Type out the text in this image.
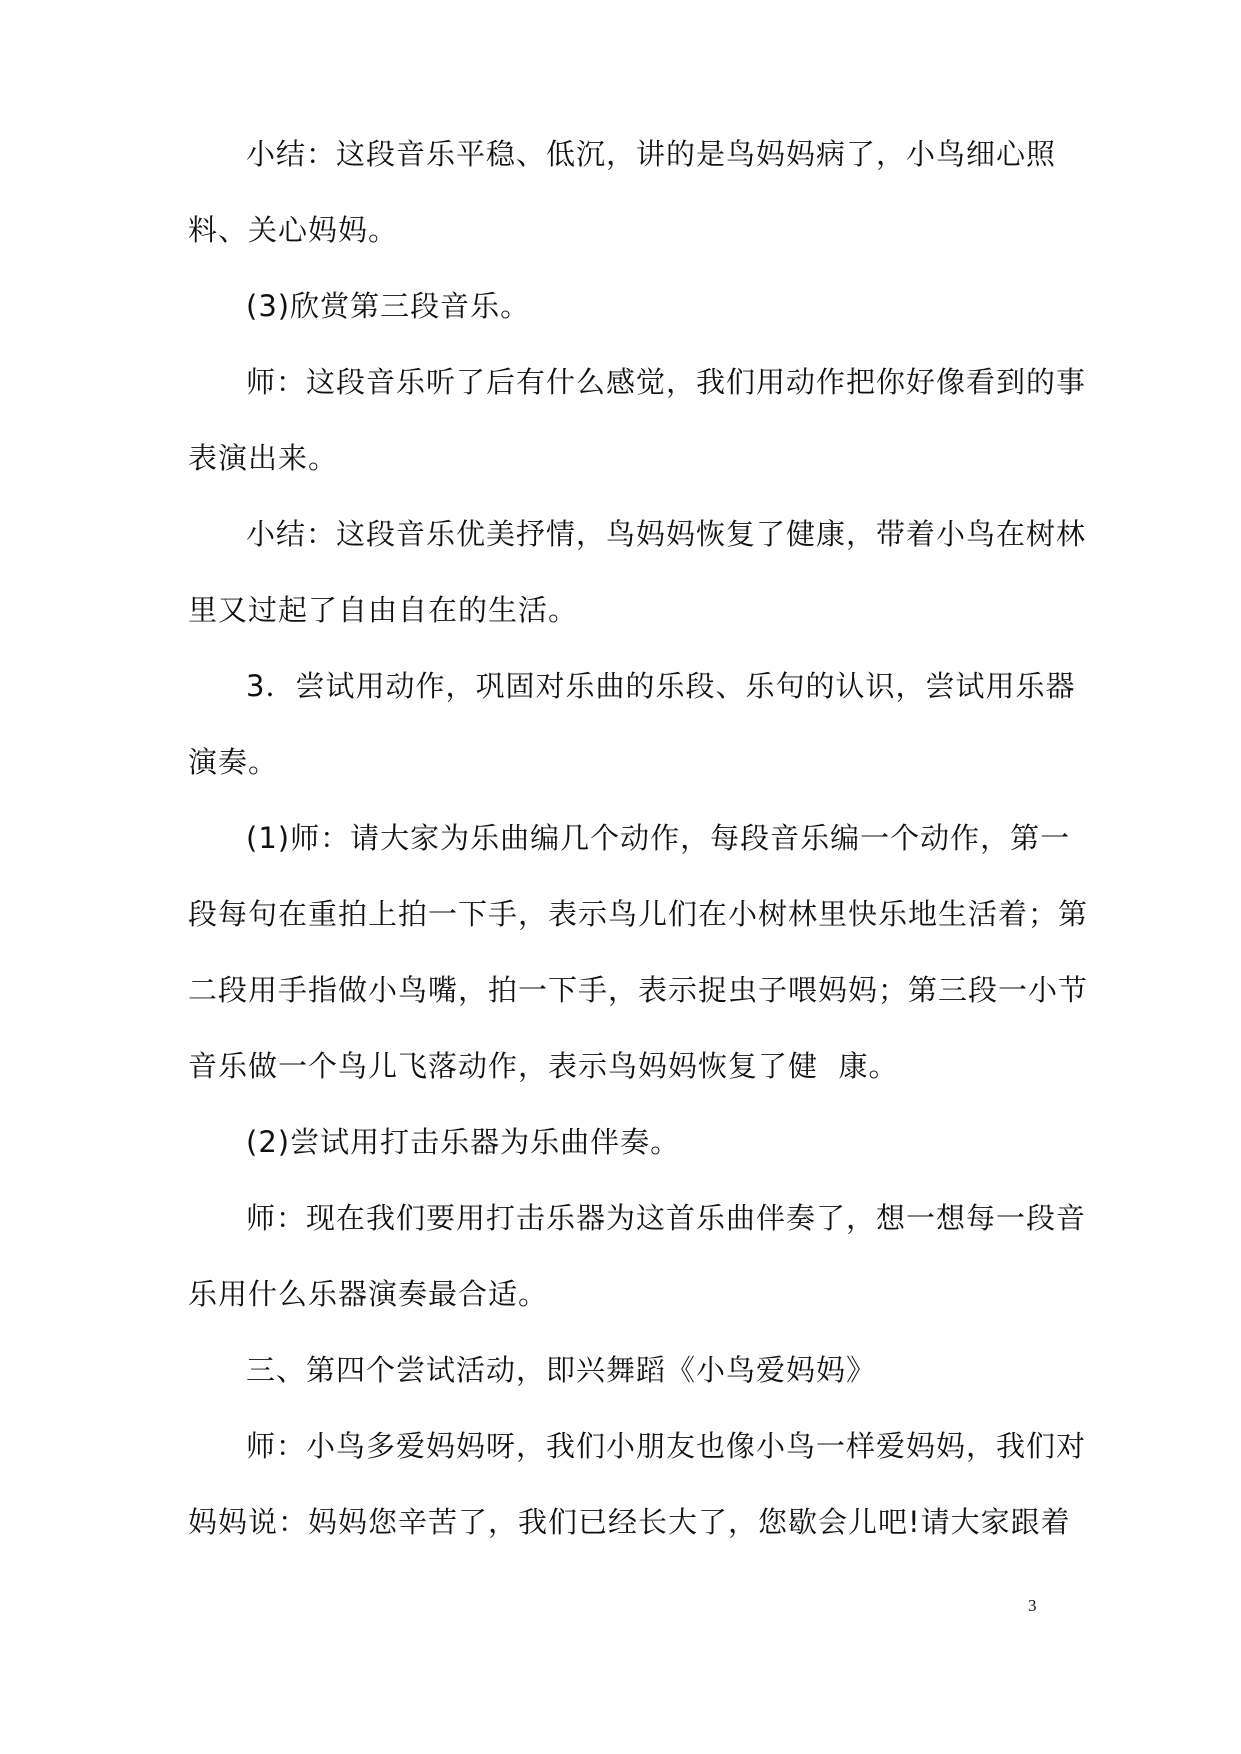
小结：这段音乐平稳、低沉，讲的是鸟妈妈病了，小鸟细心照料、关心妈妈。

(3)欣赏第三段音乐。

师：这段音乐听了后有什么感觉，我们用动作把你好像看到的事表演出来。

小结：这段音乐优美抒情，鸟妈妈恢复了健康，带着小鸟在树林里又过起了自由自在的生活。

3．尝试用动作，巩固对乐曲的乐段、乐句的认识，尝试用乐器演奏。

(1)师：请大家为乐曲编几个动作，每段音乐编一个动作，第一段每句在重拍上拍一下手，表示鸟儿们在小树林里快乐地生活着；第二段用手指做小鸟嘴，拍一下手，表示捉虫子喂妈妈；第三段一小节音乐做一个鸟儿飞落动作，表示鸟妈妈恢复了健  康。

(2)尝试用打击乐器为乐曲伴奏。

师：现在我们要用打击乐器为这首乐曲伴奏了，想一想每一段音乐用什么乐器演奏最合适。

三、第四个尝试活动，即兴舞蹈《小鸟爱妈妈》

师：小鸟多爱妈妈呀，我们小朋友也像小鸟一样爱妈妈，我们对妈妈说：妈妈您辛苦了，我们已经长大了，您歇会儿吧!请大家跟着

3
